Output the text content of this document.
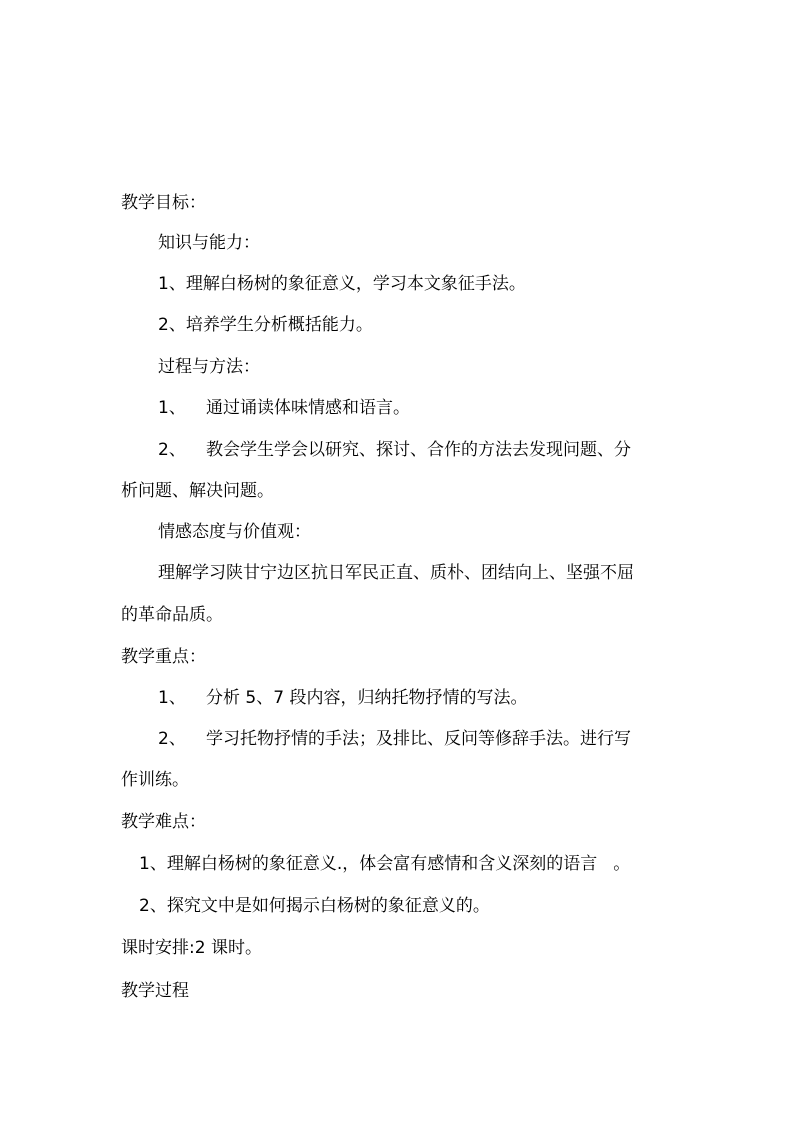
教学目标：
知识与能力：
1、理解白杨树的象征意义，学习本文象征手法。
2、培养学生分析概括能力。
过程与方法：
1、 通过诵读体味情感和语言。
2、 教会学生学会以研究、探讨、合作的方法去发现问题、分
析问题、解决问题。
情感态度与价值观：
理解学习陕甘宁边区抗日军民正直、质朴、团结向上、坚强不屈
的革命品质。
教学重点：
1、 分析 5、7 段内容，归纳托物抒情的写法。
2、 学习托物抒情的手法；及排比、反问等修辞手法。进行写
作训练。
教学难点：
1、理解白杨树的象征意义.，体会富有感情和含义深刻的语言 。
2、探究文中是如何揭示白杨树的象征意义的。
课时安排:2 课时。
教学过程
